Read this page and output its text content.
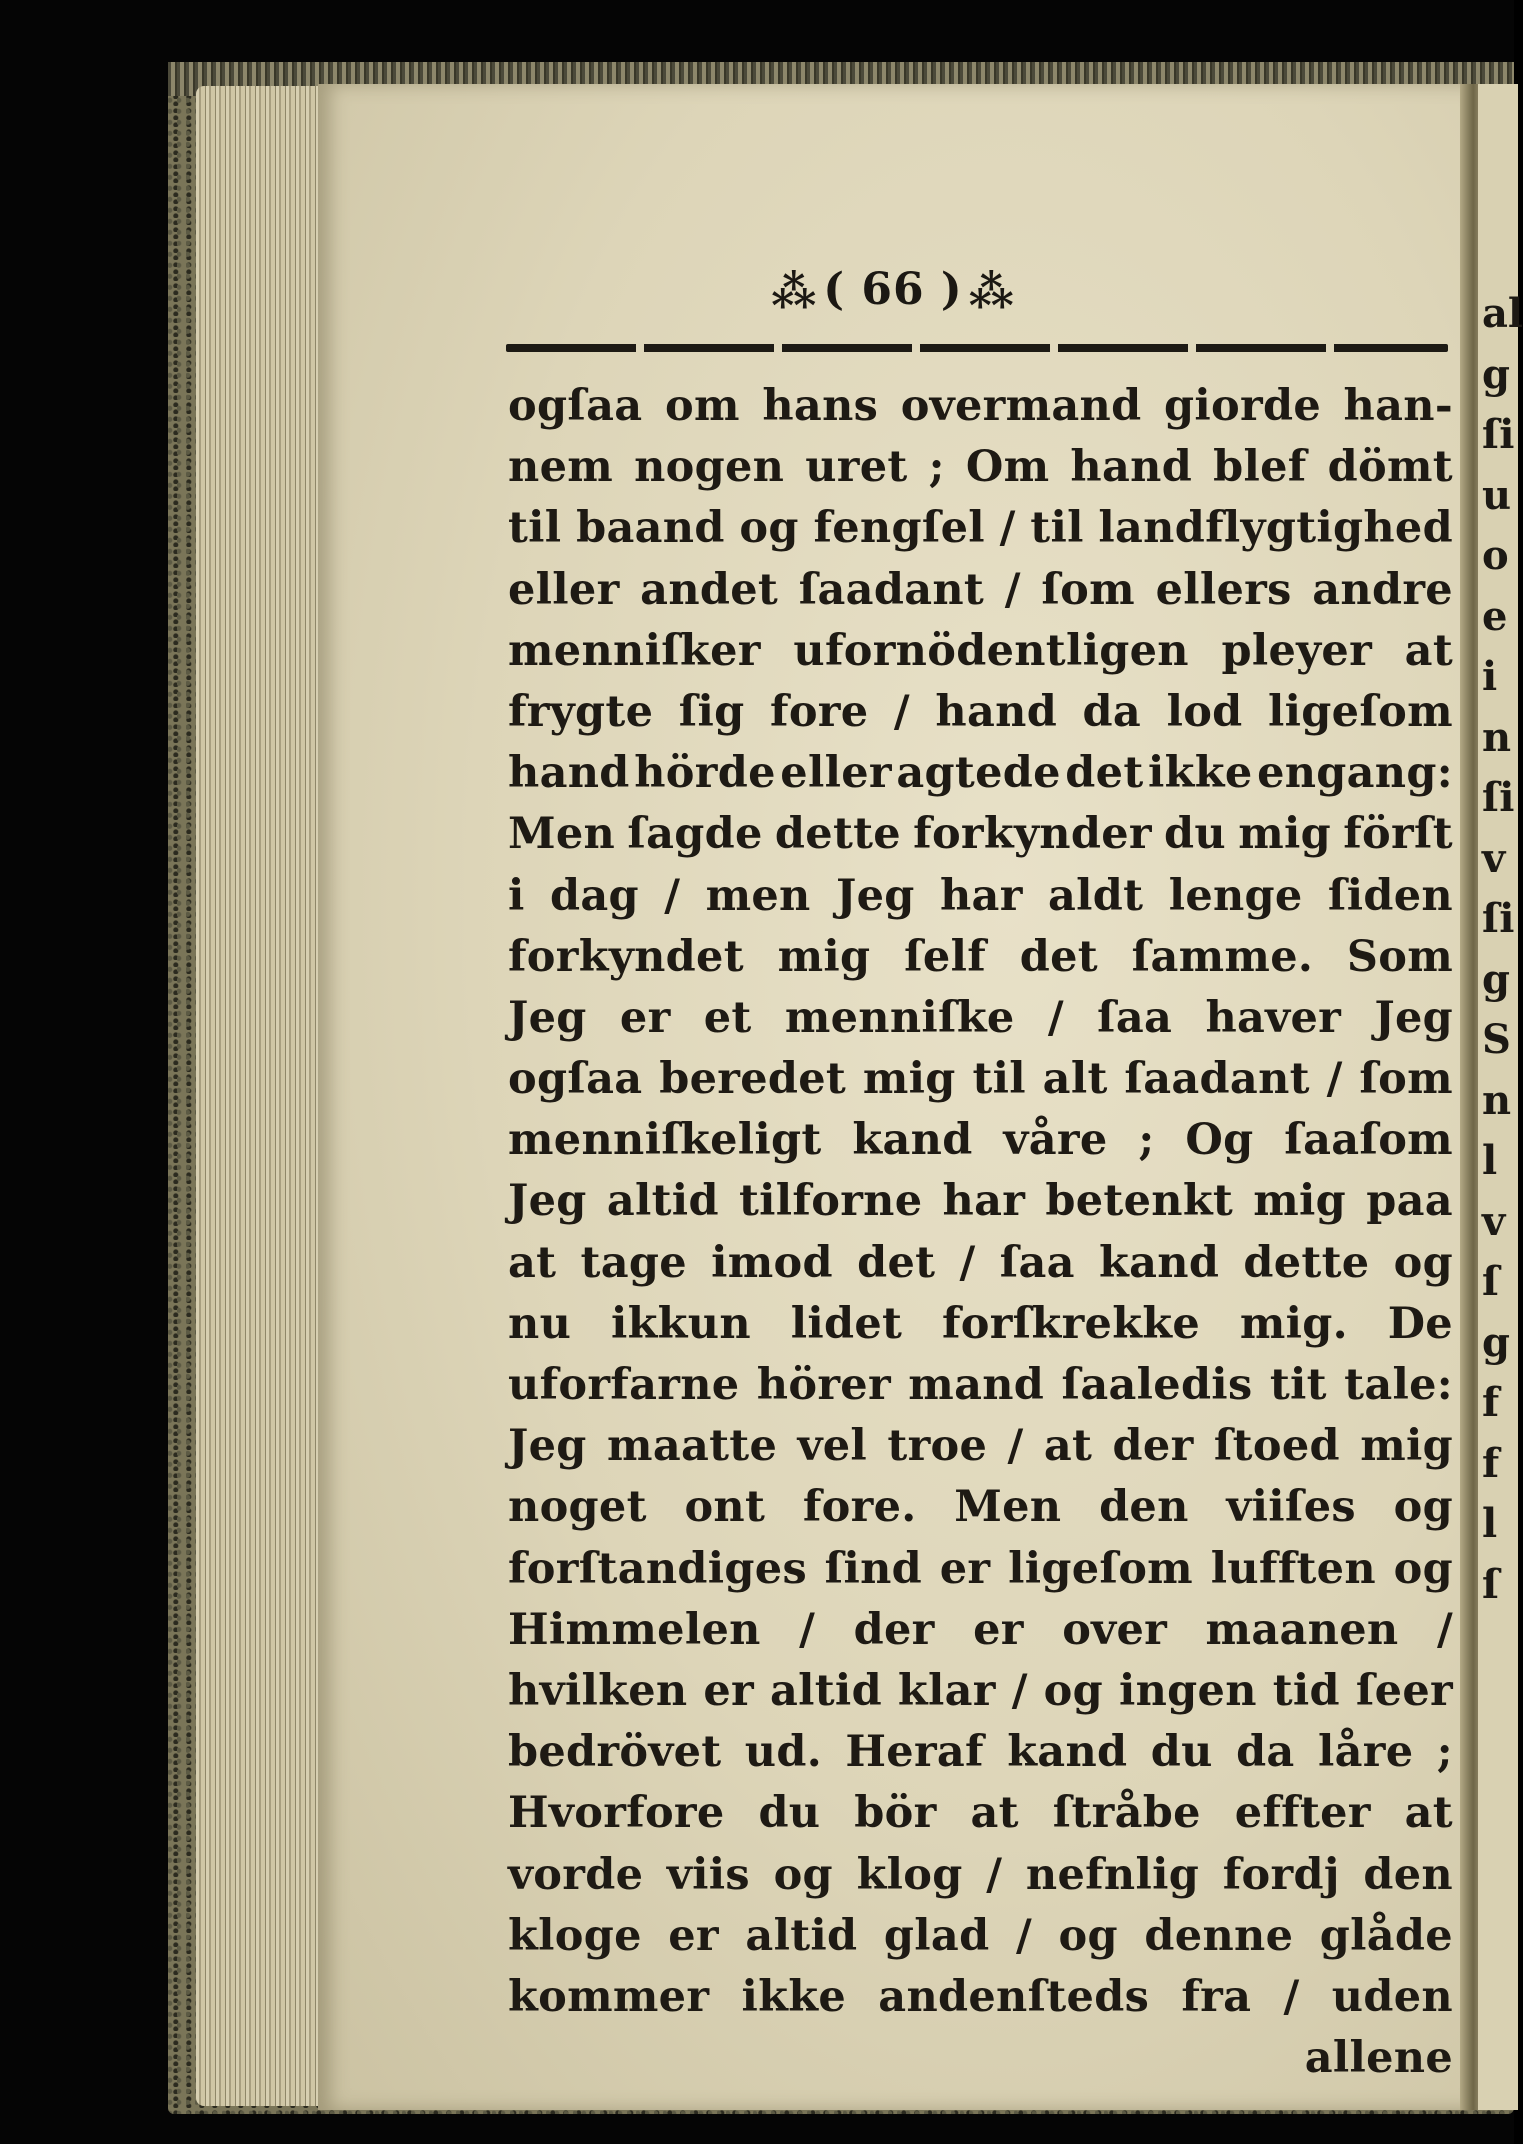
⁂ ( 66 ) ⁂
ogſaa om hans overmand giorde han-
nem nogen uret ; Om hand blef dömt
til baand og fengſel / til landflygtighed
eller andet ſaadant / ſom ellers andre
menniſker ufornödentligen pleyer at
frygte ſig fore / hand da lod ligeſom
hand hörde eller agtede det ikke engang:
Men ſagde dette forkynder du mig förſt
i dag / men Jeg har aldt lenge ſiden
forkyndet mig ſelf det ſamme. Som
Jeg er et menniſke / ſaa haver Jeg
ogſaa beredet mig til alt ſaadant / ſom
menniſkeligt kand våre ; Og ſaaſom
Jeg altid tilforne har betenkt mig paa
at tage imod det / ſaa kand dette og
nu ikkun lidet forſkrekke mig. De
uforfarne hörer mand ſaaledis tit tale:
Jeg maatte vel troe / at der ſtoed mig
noget ont fore. Men den viiſes og
forſtandiges ſind er ligeſom lufften og
Himmelen / der er over maanen /
hvilken er altid klar / og ingen tid ſeer
bedrövet ud. Heraf kand du da låre ;
Hvorfore du bör at ſtråbe effter at
vorde viis og klog / nefnlig fordj den
kloge er altid glad / og denne glåde
kommer ikke andenſteds fra / uden
allene
al
g
ſi
u
o
e
i
n
ſi
v
ſi
g
S
n
l
v
ſ
g
f
f
l
ſ
